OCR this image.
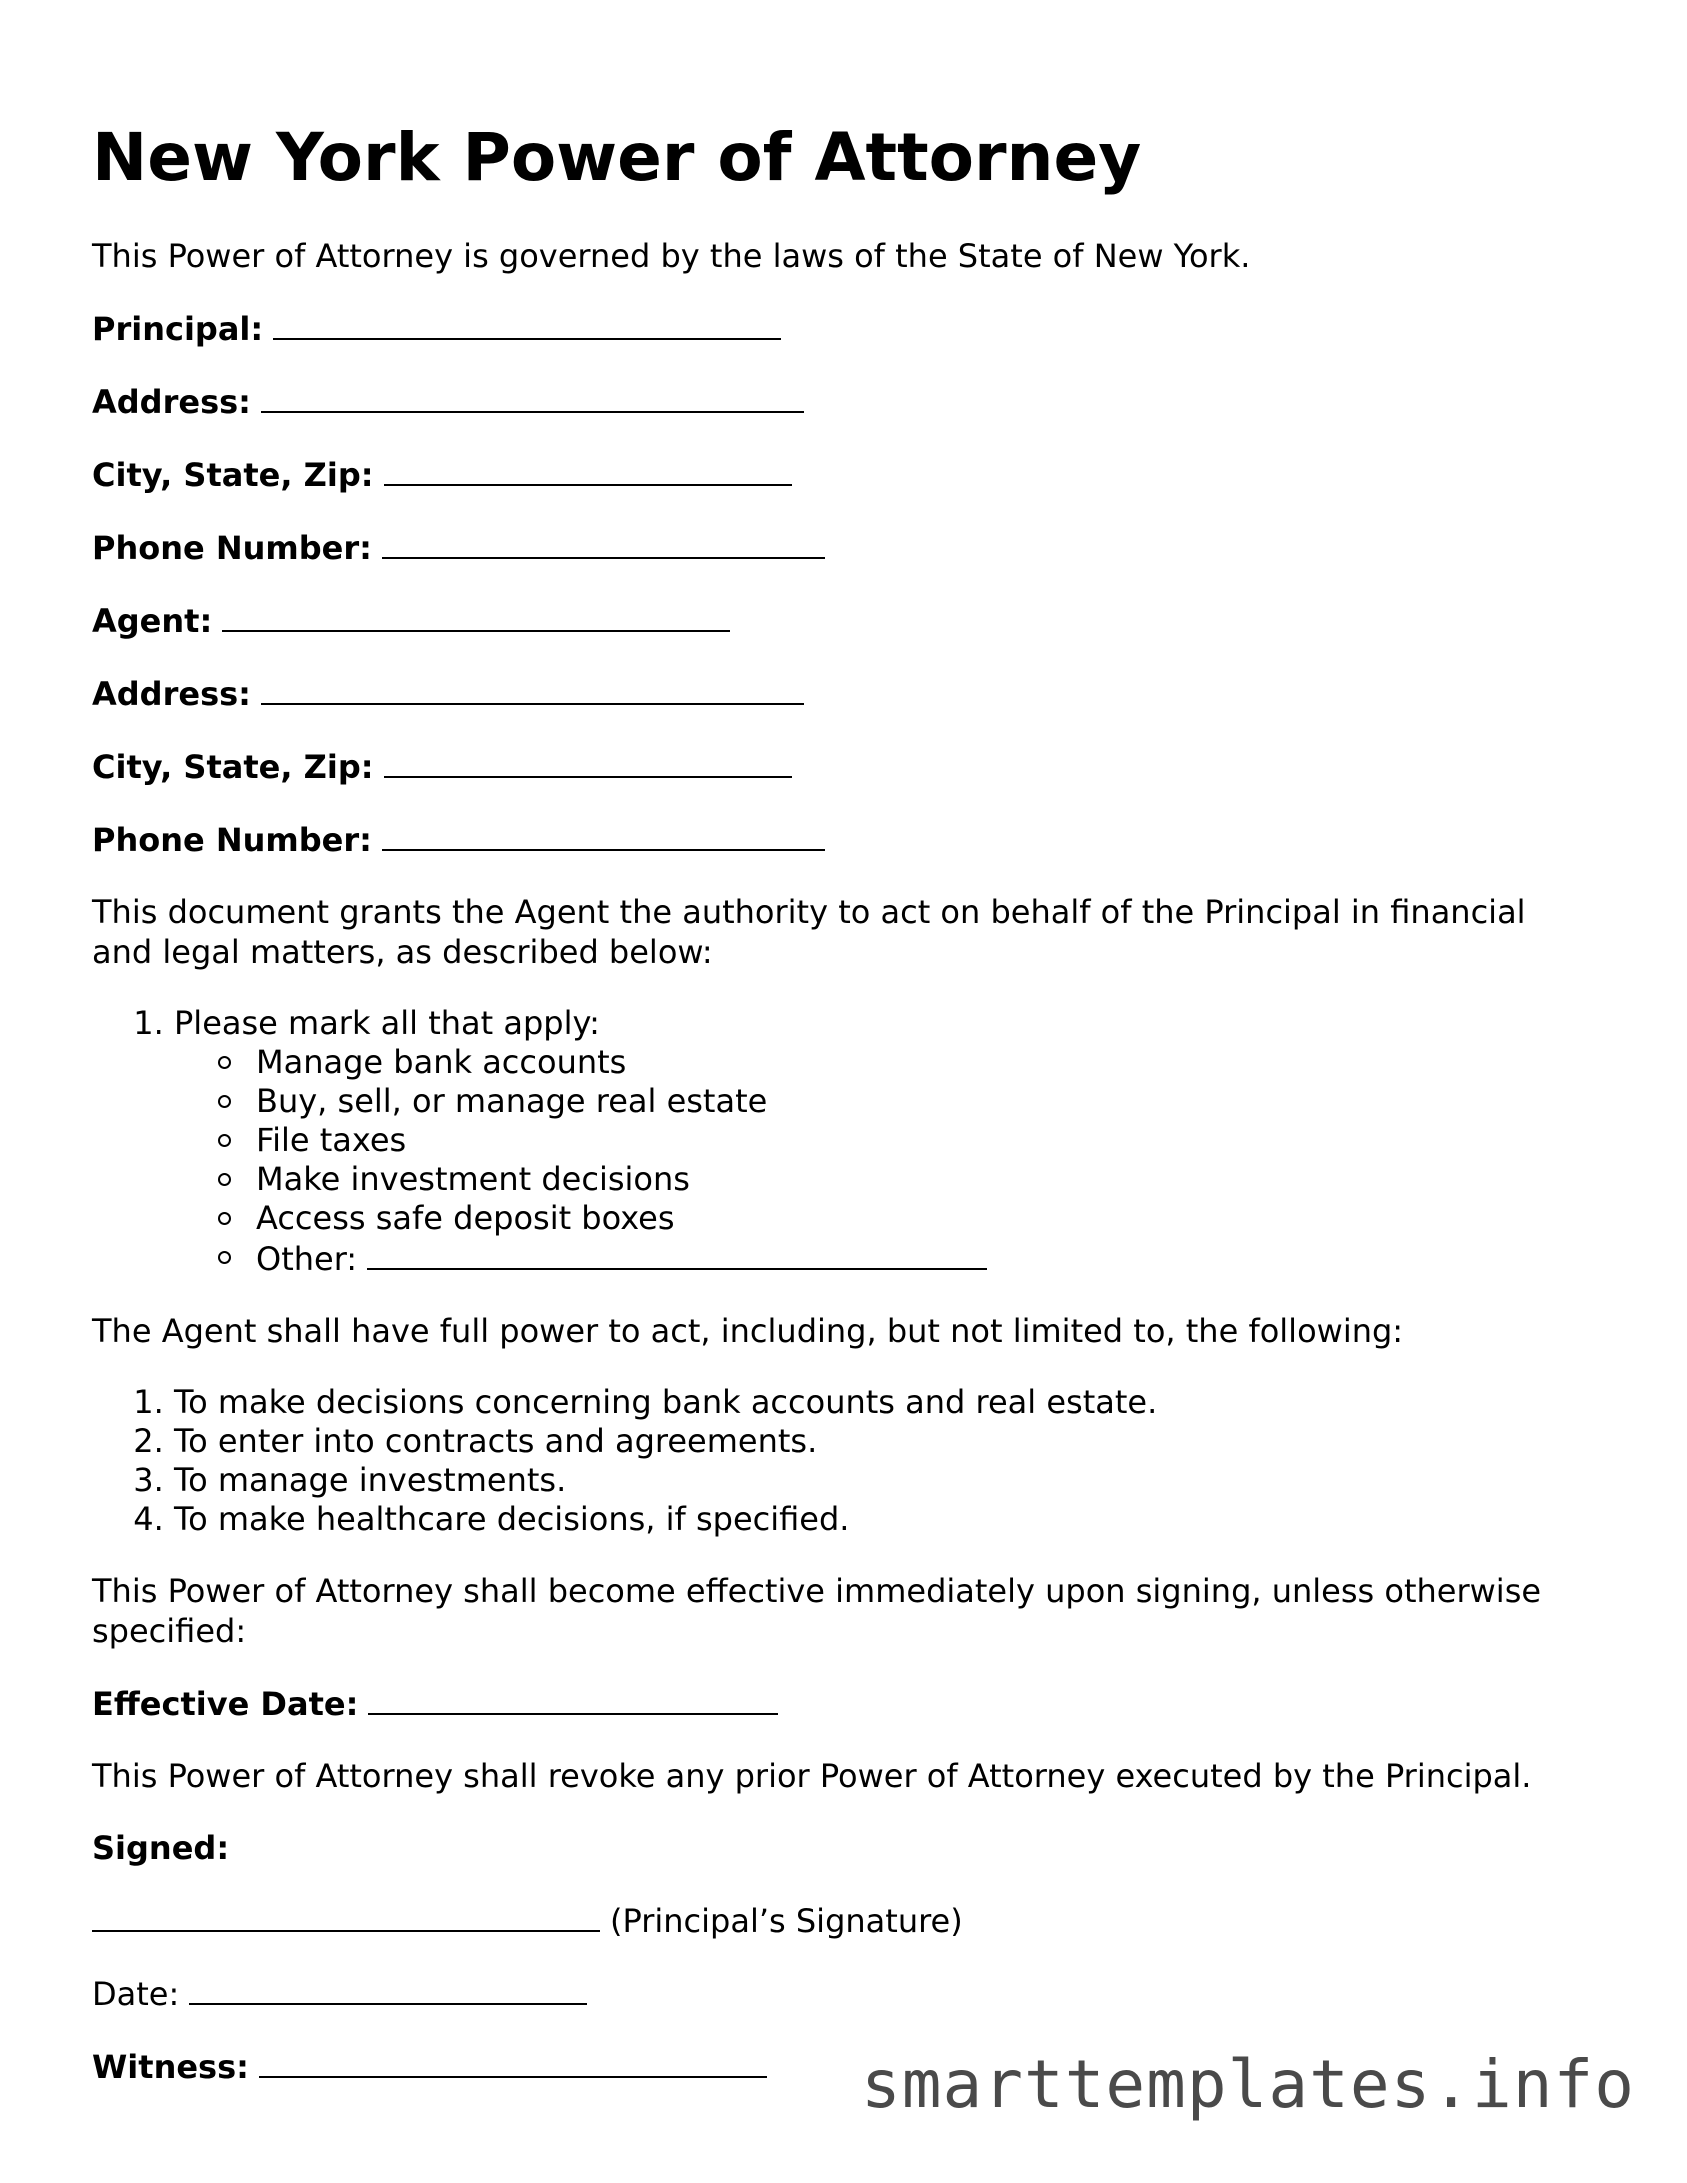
New York Power of Attorney

This Power of Attorney is governed by the laws of the State of New York.

Principal:
Address:
City, State, Zip:
Phone Number:
Agent:
Address:
City, State, Zip:
Phone Number:

This document grants the Agent the authority to act on behalf of the Principal in financial and legal matters, as described below:

1. Please mark all that apply:
Manage bank accounts
Buy, sell, or manage real estate
File taxes
Make investment decisions
Access safe deposit boxes
Other:

The Agent shall have full power to act, including, but not limited to, the following:

1. To make decisions concerning bank accounts and real estate.
2. To enter into contracts and agreements.
3. To manage investments.
4. To make healthcare decisions, if specified.

This Power of Attorney shall become effective immediately upon signing, unless otherwise specified:

Effective Date:

This Power of Attorney shall revoke any prior Power of Attorney executed by the Principal.

Signed:
(Principal’s Signature)
Date:
Witness:	smarttemplates.info
